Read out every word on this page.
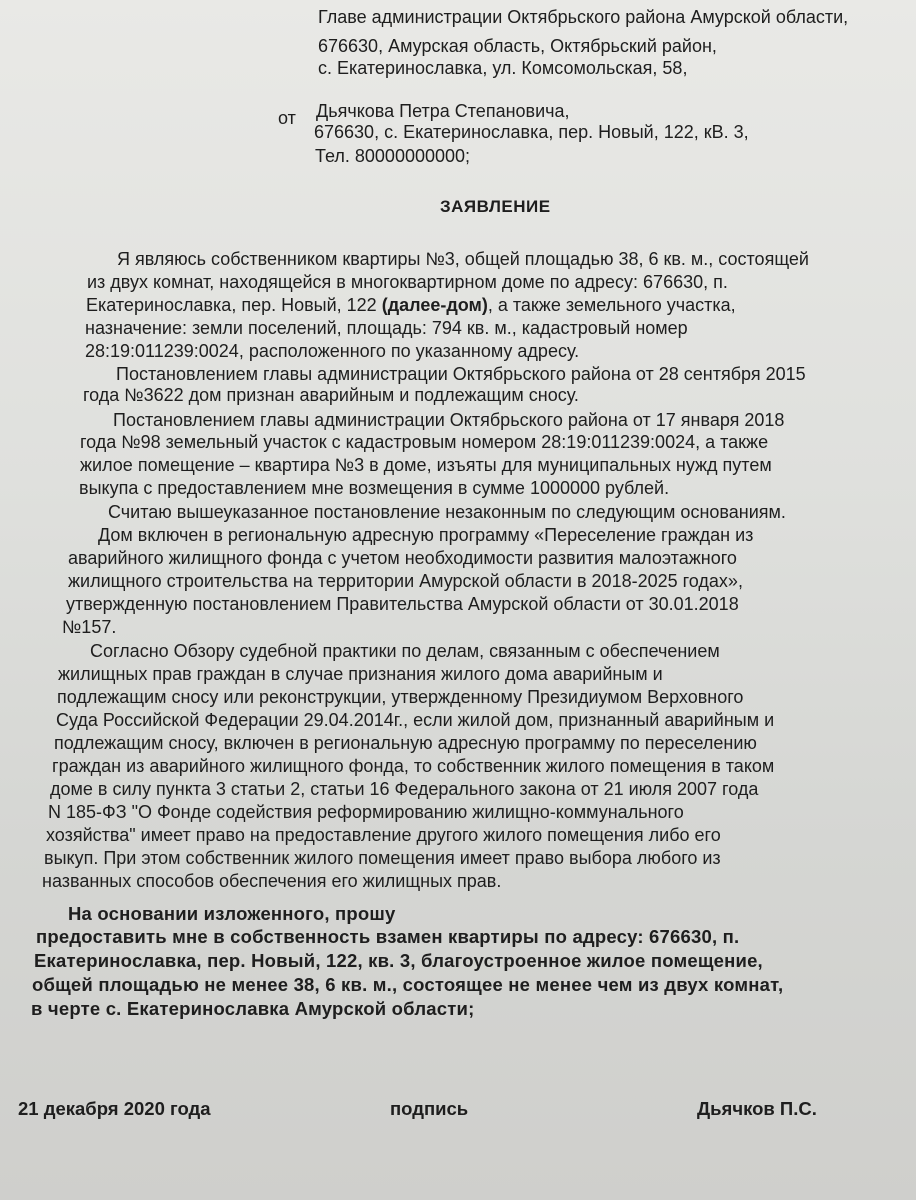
Главе администрации Октябрьского района Амурской области,
676630, Амурская область, Октябрьский район,
с. Екатеринославка, ул. Комсомольская, 58,
от Дьячкова Петра Степановича,
676630, с. Екатеринославка, пер. Новый, 122, кВ. 3,
Тел. 80000000000;
ЗАЯВЛЕНИЕ
Я являюсь собственником квартиры №3, общей площадью 38, 6 кв. м., состоящей
из двух комнат, находящейся в многоквартирном доме по адресу: 676630, п.
Екатеринославка, пер. Новый, 122 (далее-дом), а также земельного участка,
назначение: земли поселений, площадь: 794 кв. м., кадастровый номер
28:19:011239:0024, расположенного по указанному адресу.
Постановлением главы администрации Октябрьского района от 28 сентября 2015
года №3622 дом признан аварийным и подлежащим сносу.
Постановлением главы администрации Октябрьского района от 17 января 2018
года №98 земельный участок с кадастровым номером 28:19:011239:0024, а также
жилое помещение – квартира №3 в доме, изъяты для муниципальных нужд путем
выкупа с предоставлением мне возмещения в сумме 1000000 рублей.
Считаю вышеуказанное постановление незаконным по следующим основаниям.
Дом включен в региональную адресную программу «Переселение граждан из
аварийного жилищного фонда с учетом необходимости развития малоэтажного
жилищного строительства на территории Амурской области в 2018-2025 годах»,
утвержденную постановлением Правительства Амурской области от 30.01.2018
№157.
Согласно Обзору судебной практики по делам, связанным с обеспечением
жилищных прав граждан в случае признания жилого дома аварийным и
подлежащим сносу или реконструкции, утвержденному Президиумом Верховного
Суда Российской Федерации 29.04.2014г., если жилой дом, признанный аварийным и
подлежащим сносу, включен в региональную адресную программу по переселению
граждан из аварийного жилищного фонда, то собственник жилого помещения в таком
доме в силу пункта 3 статьи 2, статьи 16 Федерального закона от 21 июля 2007 года
N 185-ФЗ "О Фонде содействия реформированию жилищно-коммунального
хозяйства" имеет право на предоставление другого жилого помещения либо его
выкуп. При этом собственник жилого помещения имеет право выбора любого из
названных способов обеспечения его жилищных прав.
На основании изложенного, прошу
предоставить мне в собственность взамен квартиры по адресу: 676630, п.
Екатеринославка, пер. Новый, 122, кв. 3, благоустроенное жилое помещение,
общей площадью не менее 38, 6 кв. м., состоящее не менее чем из двух комнат,
в черте с. Екатеринославка Амурской области;
21 декабря 2020 года	подпись	Дьячков П.С.
